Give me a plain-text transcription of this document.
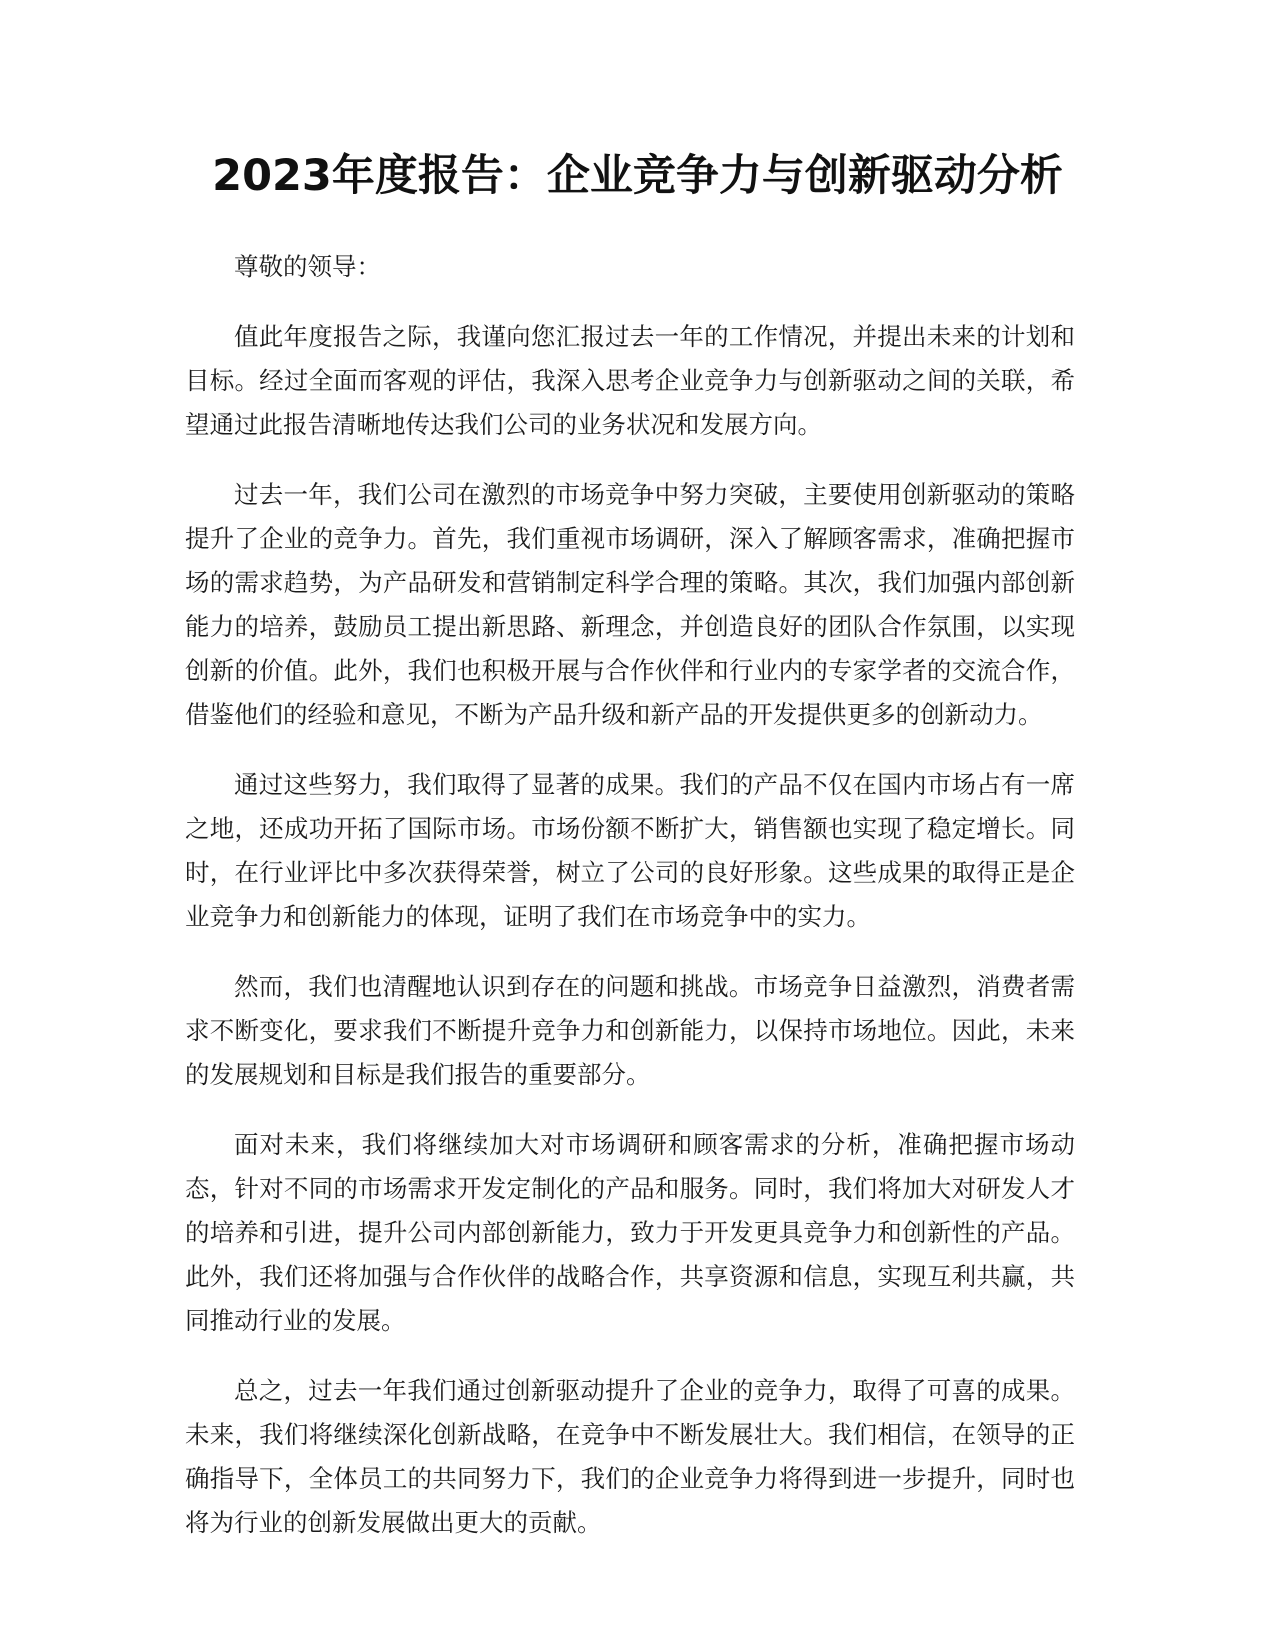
2023年度报告：企业竞争力与创新驱动分析

尊敬的领导：

值此年度报告之际，我谨向您汇报过去一年的工作情况，并提出未来的计划和目标。经过全面而客观的评估，我深入思考企业竞争力与创新驱动之间的关联，希望通过此报告清晰地传达我们公司的业务状况和发展方向。

过去一年，我们公司在激烈的市场竞争中努力突破，主要使用创新驱动的策略提升了企业的竞争力。首先，我们重视市场调研，深入了解顾客需求，准确把握市场的需求趋势，为产品研发和营销制定科学合理的策略。其次，我们加强内部创新能力的培养，鼓励员工提出新思路、新理念，并创造良好的团队合作氛围，以实现创新的价值。此外，我们也积极开展与合作伙伴和行业内的专家学者的交流合作，借鉴他们的经验和意见，不断为产品升级和新产品的开发提供更多的创新动力。

通过这些努力，我们取得了显著的成果。我们的产品不仅在国内市场占有一席之地，还成功开拓了国际市场。市场份额不断扩大，销售额也实现了稳定增长。同时，在行业评比中多次获得荣誉，树立了公司的良好形象。这些成果的取得正是企业竞争力和创新能力的体现，证明了我们在市场竞争中的实力。

然而，我们也清醒地认识到存在的问题和挑战。市场竞争日益激烈，消费者需求不断变化，要求我们不断提升竞争力和创新能力，以保持市场地位。因此，未来的发展规划和目标是我们报告的重要部分。

面对未来，我们将继续加大对市场调研和顾客需求的分析，准确把握市场动态，针对不同的市场需求开发定制化的产品和服务。同时，我们将加大对研发人才的培养和引进，提升公司内部创新能力，致力于开发更具竞争力和创新性的产品。此外，我们还将加强与合作伙伴的战略合作，共享资源和信息，实现互利共赢，共同推动行业的发展。

总之，过去一年我们通过创新驱动提升了企业的竞争力，取得了可喜的成果。未来，我们将继续深化创新战略，在竞争中不断发展壮大。我们相信，在领导的正确指导下，全体员工的共同努力下，我们的企业竞争力将得到进一步提升，同时也将为行业的创新发展做出更大的贡献。
